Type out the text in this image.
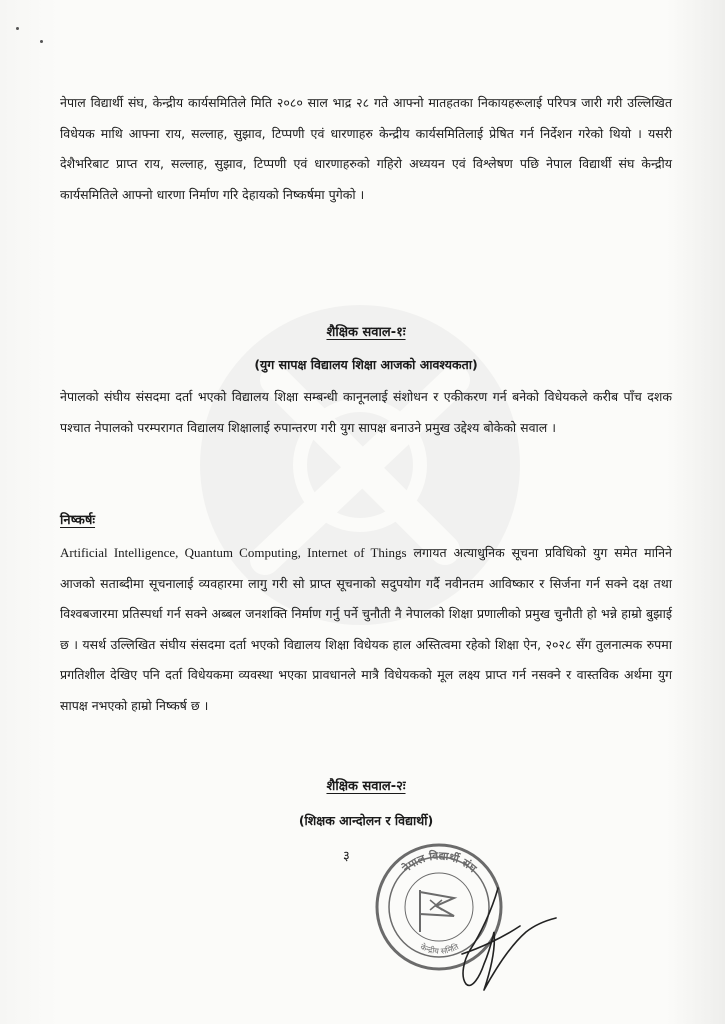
नेपाल विद्यार्थी संघ, केन्द्रीय कार्यसमितिले मिति २०८० साल भाद्र २८ गते आफ्नो मातहतका निकायहरूलाई परिपत्र जारी गरी उल्लिखित विधेयक माथि आफ्ना राय, सल्लाह, सुझाव, टिप्पणी एवं धारणाहरु केन्द्रीय कार्यसमितिलाई प्रेषित गर्न निर्देशन गरेको थियो । यसरी देशैभरिबाट प्राप्त राय, सल्लाह, सुझाव, टिप्पणी एवं धारणाहरुको गहिरो अध्ययन एवं विश्लेषण पछि नेपाल विद्यार्थी संघ केन्द्रीय कार्यसमितिले आफ्नो धारणा निर्माण गरि देहायको निष्कर्षमा पुगेको ।

शैक्षिक सवाल-१ः

(युग सापक्ष विद्यालय शिक्षा आजको आवश्यकता)

नेपालको संघीय संसदमा दर्ता भएको विद्यालय शिक्षा सम्बन्धी कानूनलाई संशोधन र एकीकरण गर्न बनेको विधेयकले करीब पाँच दशक पश्चात नेपालको परम्परागत विद्यालय शिक्षालाई रुपान्तरण गरी युग सापक्ष बनाउने प्रमुख उद्देश्य बोकेको सवाल ।

निष्कर्षः

Artificial Intelligence, Quantum Computing, Internet of Things लगायत अत्याधुनिक सूचना प्रविधिको युग समेत मानिने आजको सताब्दीमा सूचनालाई व्यवहारमा लागु गरी सो प्राप्त सूचनाको सदुपयोग गर्दै नवीनतम आविष्कार र सिर्जना गर्न सक्ने दक्ष तथा विश्वबजारमा प्रतिस्पर्धा गर्न सक्ने अब्बल जनशक्ति निर्माण गर्नु पर्ने चुनौती नै नेपालको शिक्षा प्रणालीको प्रमुख चुनौती हो भन्ने हाम्रो बुझाई छ । यसर्थ उल्लिखित संघीय संसदमा दर्ता भएको विद्यालय शिक्षा विधेयक हाल अस्तित्वमा रहेको शिक्षा ऐन, २०२८ सँग तुलनात्मक रुपमा प्रगतिशील देखिए पनि दर्ता विधेयकमा व्यवस्था भएका प्रावधानले मात्रै विधेयकको मूल लक्ष्य प्राप्त गर्न नसक्ने र वास्तविक अर्थमा युग सापक्ष नभएको हाम्रो निष्कर्ष छ ।

शैक्षिक सवाल-२ः

(शिक्षक आन्दोलन र विद्यार्थी)

३
नेपाल विद्यार्थी संघ
केन्द्रीय समिति
